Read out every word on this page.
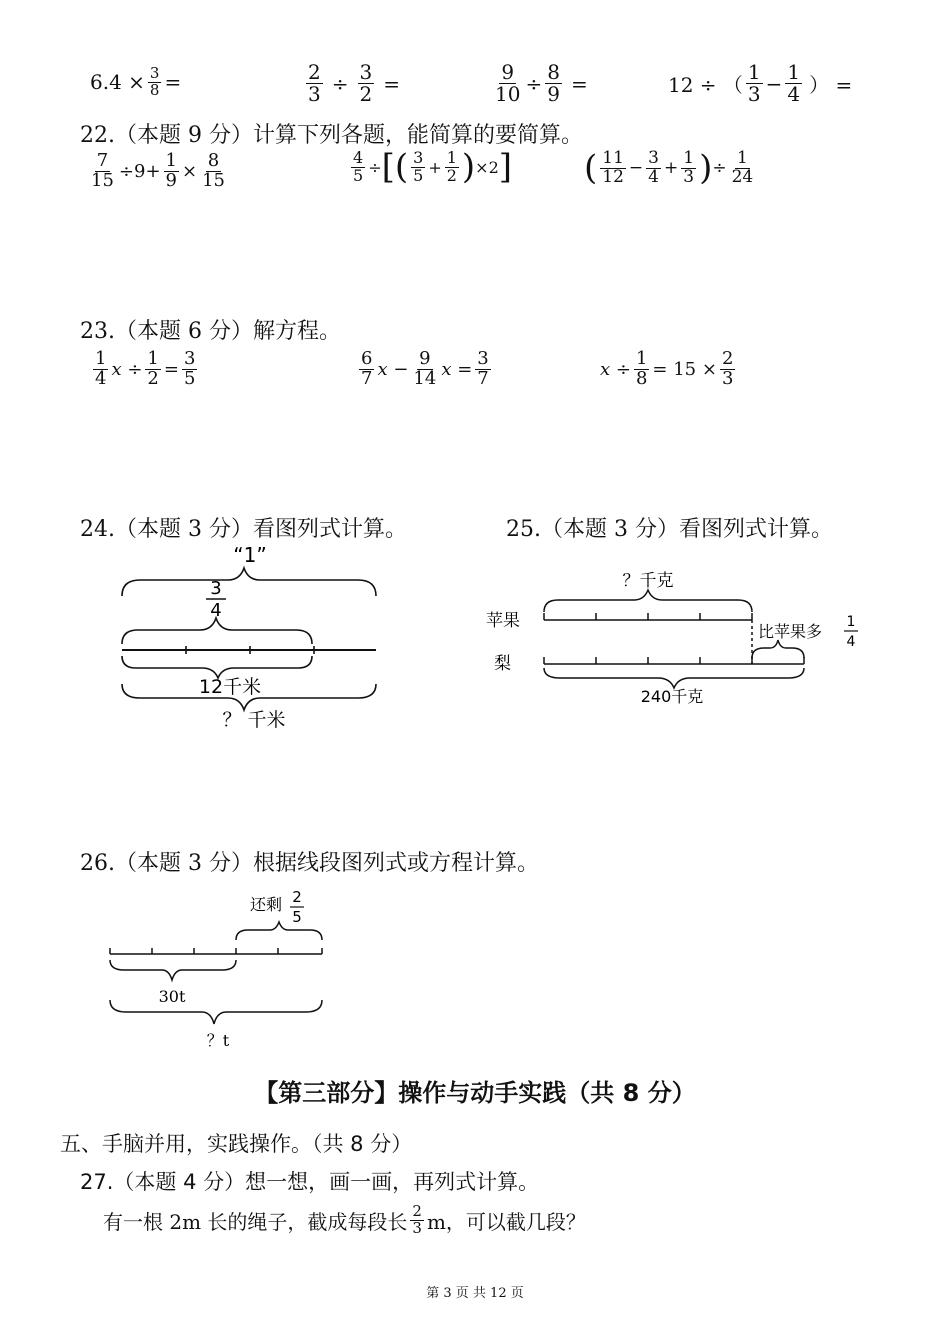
$6.4 \times \frac{3}{8}$ =	$\frac{2}{3} \div \frac{3}{2}$ =	$\frac{9}{10} \div \frac{8}{9}$ =	12 ÷ （ $\frac{1}{3} - \frac{1}{4}$ ） =
22.（本题 9 分）计算下列各题，能简算的要简算。
$\frac{7}{15} \div 9+ \frac{1}{9} \times \frac{8}{15}$	$\frac{4}{5}$ ÷ [ ( $\frac{3}{5} + \frac{1}{2}$ ) ×2 ] ( $\frac{11}{12} - \frac{3}{4} + \frac{1}{3}$ ) ÷ $\frac{1}{24}$
23.（本题 6 分）解方程。
$\frac{1}{4}$ $x \div \frac{1}{2} = \frac{3}{5}$	$\frac{6}{7}$ $x - \frac{9}{14}$ $x = \frac{3}{7}$	$x \div \frac{1}{8} = 15 \times \frac{2}{3}$
24.（本题 3 分）看图列式计算。	25.（本题 3 分）看图列式计算。
“1”
3
4
12千米
？ 千米
？千克
苹果
梨
比苹果多 1
4
240千克
26.（本题 3 分）根据线段图列式或方程计算。
还剩 2
5
30t
？t
【第三部分】操作与动手实践（共 8 分）
五、手脑并用，实践操作。（共 8 分）
27.（本题 4 分）想一想，画一画，再列式计算。
有一根 2m 长的绳子，截成每段长 $\frac{2}{3}$ m，可以截几段？
第 3 页 共 12 页
